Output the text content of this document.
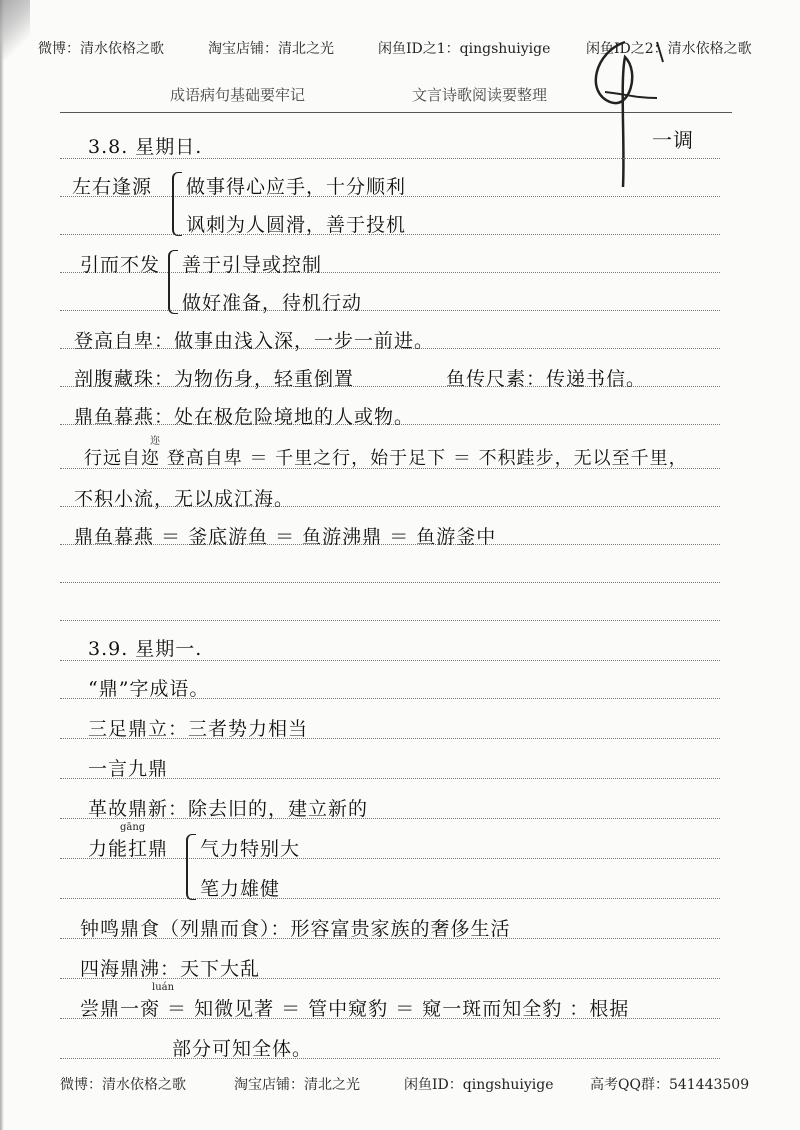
微博：清水依格之歌	淘宝店铺：清北之光	闲鱼ID之1：qingshuiyige	闲鱼ID之2：清水依格之歌
成语病句基础要牢记	文言诗歌阅读要整理
一调
3.8. 星期日.
左右逢源 做事得心应手，十分顺利
讽刺为人圆滑，善于投机
引而不发 善于引导或控制
做好准备，待机行动
登高自卑：做事由浅入深，一步一前进。
剖腹藏珠：为物伤身，轻重倒置	鱼传尺素：传递书信。
鼎鱼幕燕：处在极危险境地的人或物。
迩
行远自迩 登高自卑 ＝ 千里之行，始于足下 ＝ 不积跬步，无以至千里，
不积小流，无以成江海。
鼎鱼幕燕 ＝ 釜底游鱼 ＝ 鱼游沸鼎 ＝ 鱼游釜中
3.9. 星期一.
“鼎”字成语。
三足鼎立：三者势力相当
一言九鼎
革故鼎新：除去旧的，建立新的
gāng
力能扛鼎 气力特别大
笔力雄健
钟鸣鼎食（列鼎而食）：形容富贵家族的奢侈生活
四海鼎沸：天下大乱
luán
尝鼎一脔 ＝ 知微见著 ＝ 管中窥豹 ＝ 窥一斑而知全豹 ：根据
部分可知全体。
微博：清水依格之歌	淘宝店铺：清北之光	闲鱼ID：qingshuiyige	高考QQ群：541443509
